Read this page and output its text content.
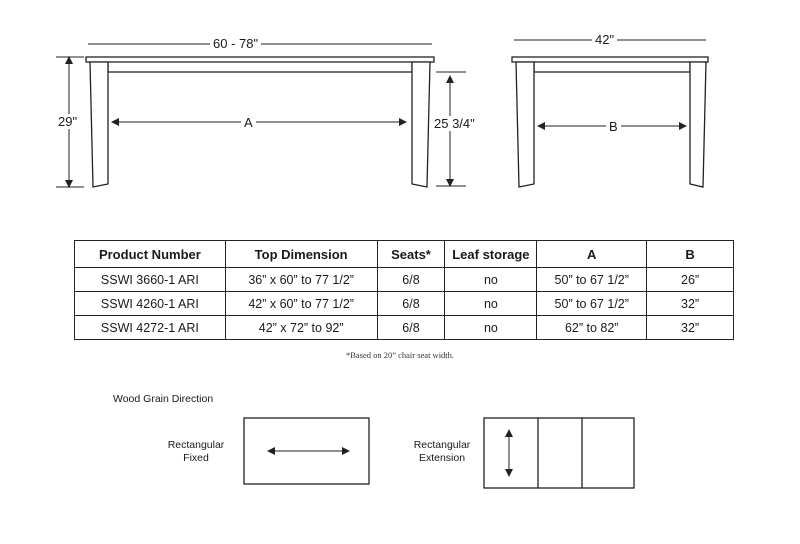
60 - 78"
29"	A	25 3/4"
42"
B
Product Number	Top Dimension	Seats*	Leaf storage	A	B
SSWI 3660-1 ARI	36” x 60” to 77 1/2”	6/8	no	50” to 67 1/2”	26”
SSWI 4260-1 ARI	42” x 60” to 77 1/2”	6/8	no	50” to 67 1/2”	32”
SSWI 4272-1 ARI	42” x 72” to 92”	6/8	no	62” to 82”	32”
*Based on 20” chair seat width.
Wood Grain Direction
Rectangular
Fixed
Rectangular
Extension
